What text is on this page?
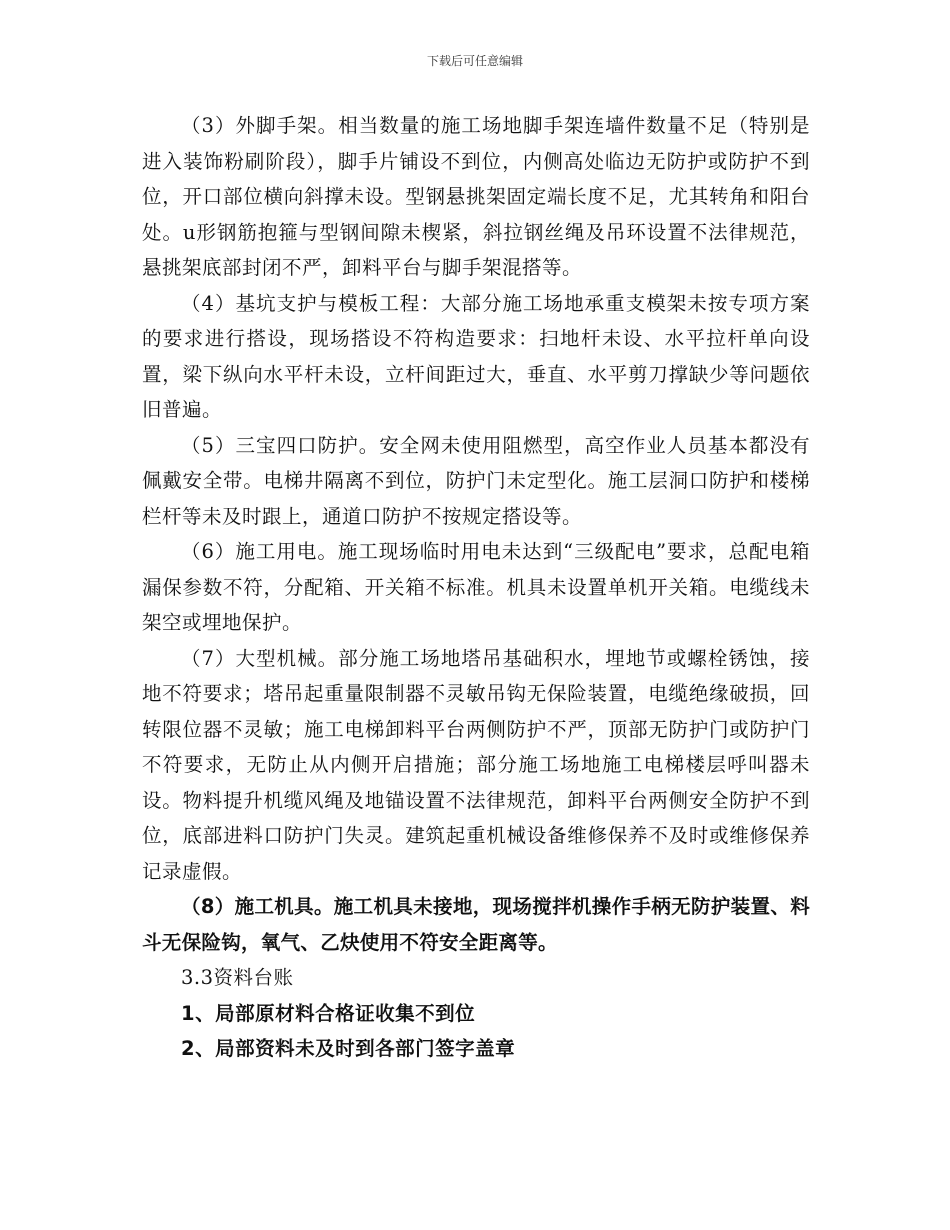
下载后可任意编辑

（3）外脚手架。相当数量的施工场地脚手架连墙件数量不足（特别是进入装饰粉刷阶段），脚手片铺设不到位，内侧高处临边无防护或防护不到位，开口部位横向斜撑未设。型钢悬挑架固定端长度不足，尤其转角和阳台处。u形钢筋抱箍与型钢间隙未楔紧，斜拉钢丝绳及吊环设置不法律规范，悬挑架底部封闭不严，卸料平台与脚手架混搭等。

（4）基坑支护与模板工程：大部分施工场地承重支模架未按专项方案的要求进行搭设，现场搭设不符构造要求：扫地杆未设、水平拉杆单向设置，梁下纵向水平杆未设，立杆间距过大，垂直、水平剪刀撑缺少等问题依旧普遍。

（5）三宝四口防护。安全网未使用阻燃型，高空作业人员基本都没有佩戴安全带。电梯井隔离不到位，防护门未定型化。施工层洞口防护和楼梯栏杆等未及时跟上，通道口防护不按规定搭设等。

（6）施工用电。施工现场临时用电未达到“三级配电”要求，总配电箱漏保参数不符，分配箱、开关箱不标准。机具未设置单机开关箱。电缆线未架空或埋地保护。

（7）大型机械。部分施工场地塔吊基础积水，埋地节或螺栓锈蚀，接地不符要求；塔吊起重量限制器不灵敏吊钩无保险装置，电缆绝缘破损，回转限位器不灵敏；施工电梯卸料平台两侧防护不严，顶部无防护门或防护门不符要求，无防止从内侧开启措施；部分施工场地施工电梯楼层呼叫器未设。物料提升机缆风绳及地锚设置不法律规范，卸料平台两侧安全防护不到位，底部进料口防护门失灵。建筑起重机械设备维修保养不及时或维修保养记录虚假。

（8）施工机具。施工机具未接地，现场搅拌机操作手柄无防护装置、料斗无保险钩，氧气、乙炔使用不符安全距离等。

3.3资料台账

1、局部原材料合格证收集不到位

2、局部资料未及时到各部门签字盖章
